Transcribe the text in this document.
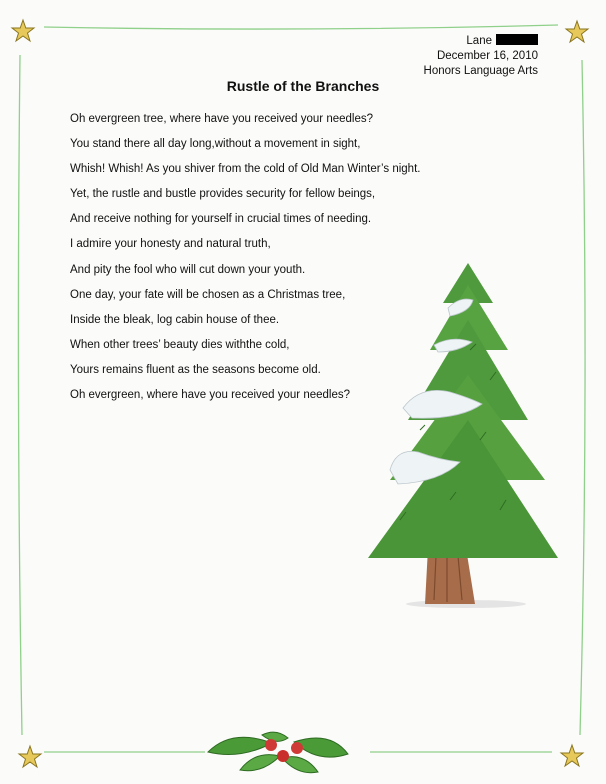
Lane
December 16, 2010
Honors Language Arts
Rustle of the Branches
Oh evergreen tree, where have you received your needles?
You stand there all day long,without a movement in sight,
Whish! Whish! As you shiver from the cold of Old Man Winter’s night.
Yet, the rustle and bustle provides security for fellow beings,
And receive nothing for yourself in crucial times of needing.
I admire your honesty and natural truth,
And pity the fool who will cut down your youth.
One day, your fate will be chosen as a Christmas tree,
Inside the bleak, log cabin house of thee.
When other trees’ beauty dies withthe cold,
Yours remains fluent as the seasons become old.
Oh evergreen, where have you received your needles?
